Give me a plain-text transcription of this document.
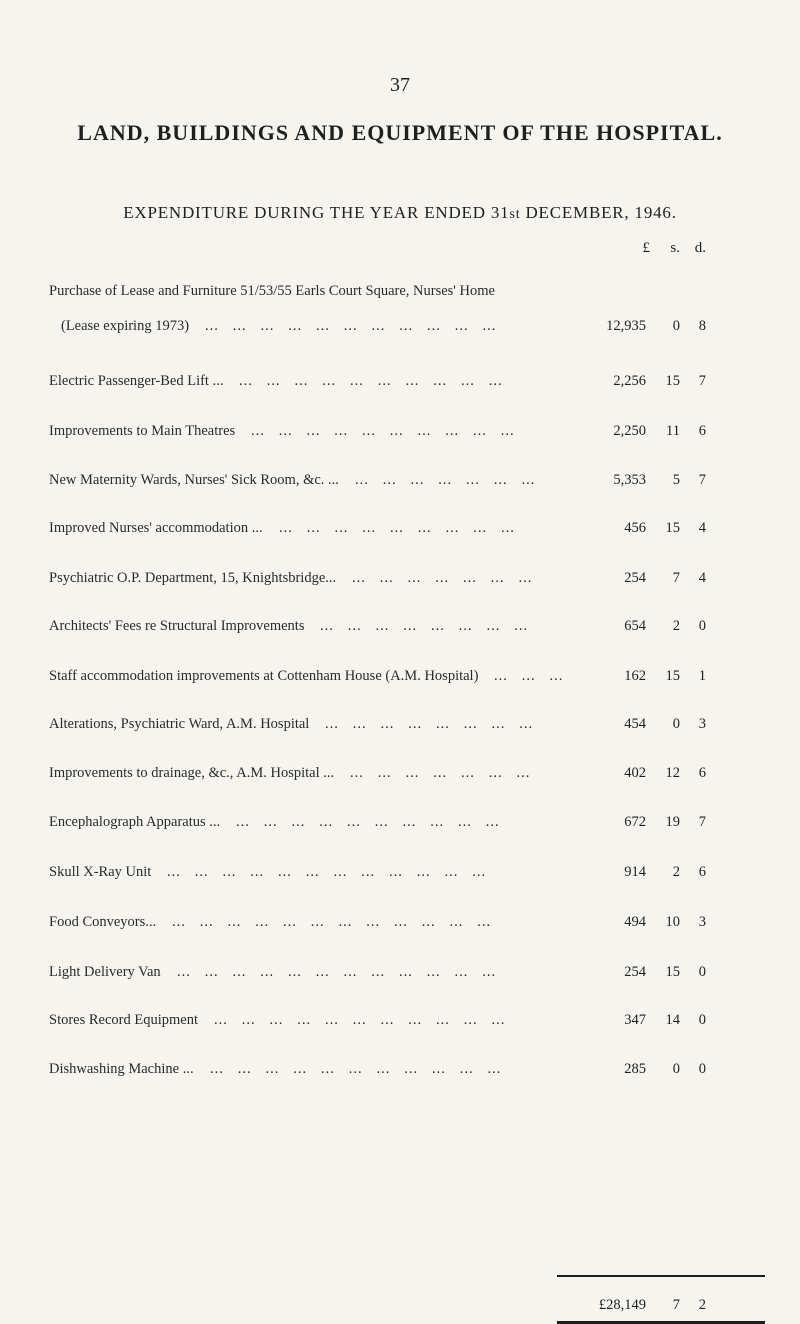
37
LAND, BUILDINGS AND EQUIPMENT OF THE HOSPITAL.
EXPENDITURE DURING THE YEAR ENDED 31st DECEMBER, 1946.
£	s. d.
Purchase of Lease and Furniture 51/53/55 Earls Court Square, Nurses' Home
(Lease expiring 1973)	12,935	0	8
...   ...   ...   ...   ...   ...   ...   ...   ...   ...   ...
Electric Passenger-Bed Lift ...	2,256	15	7
...   ...   ...   ...   ...   ...   ...   ...   ...   ...
Improvements to Main Theatres	2,250	11	6
...   ...   ...   ...   ...   ...   ...   ...   ...   ...
New Maternity Wards, Nurses' Sick Room, &c. ...	5,353	5	7
...   ...   ...   ...   ...   ...   ...
Improved Nurses' accommodation ...	456	15	4
...   ...   ...   ...   ...   ...   ...   ...   ...
Psychiatric O.P. Department, 15, Knightsbridge...	254	7	4
...   ...   ...   ...   ...   ...   ...
Architects' Fees re Structural Improvements	654	2	0
...   ...   ...   ...   ...   ...   ...   ...
Staff accommodation improvements at Cottenham House (A.M. Hospital)	162	15	1
...   ...   ...
Alterations, Psychiatric Ward, A.M. Hospital	454	0	3
...   ...   ...   ...   ...   ...   ...   ...
Improvements to drainage, &c., A.M. Hospital ...	402	12	6
...   ...   ...   ...   ...   ...   ...
Encephalograph Apparatus ...	672	19	7
...   ...   ...   ...   ...   ...   ...   ...   ...   ...
Skull X-Ray Unit	914	2	6
...   ...   ...   ...   ...   ...   ...   ...   ...   ...   ...   ...
Food Conveyors...	494	10	3
...   ...   ...   ...   ...   ...   ...   ...   ...   ...   ...   ...
Light Delivery Van	254	15	0
...   ...   ...   ...   ...   ...   ...   ...   ...   ...   ...   ...
Stores Record Equipment	347	14	0
...   ...   ...   ...   ...   ...   ...   ...   ...   ...   ...
Dishwashing Machine ...	285	0	0
...   ...   ...   ...   ...   ...   ...   ...   ...   ...   ...
£28,149	7	2
